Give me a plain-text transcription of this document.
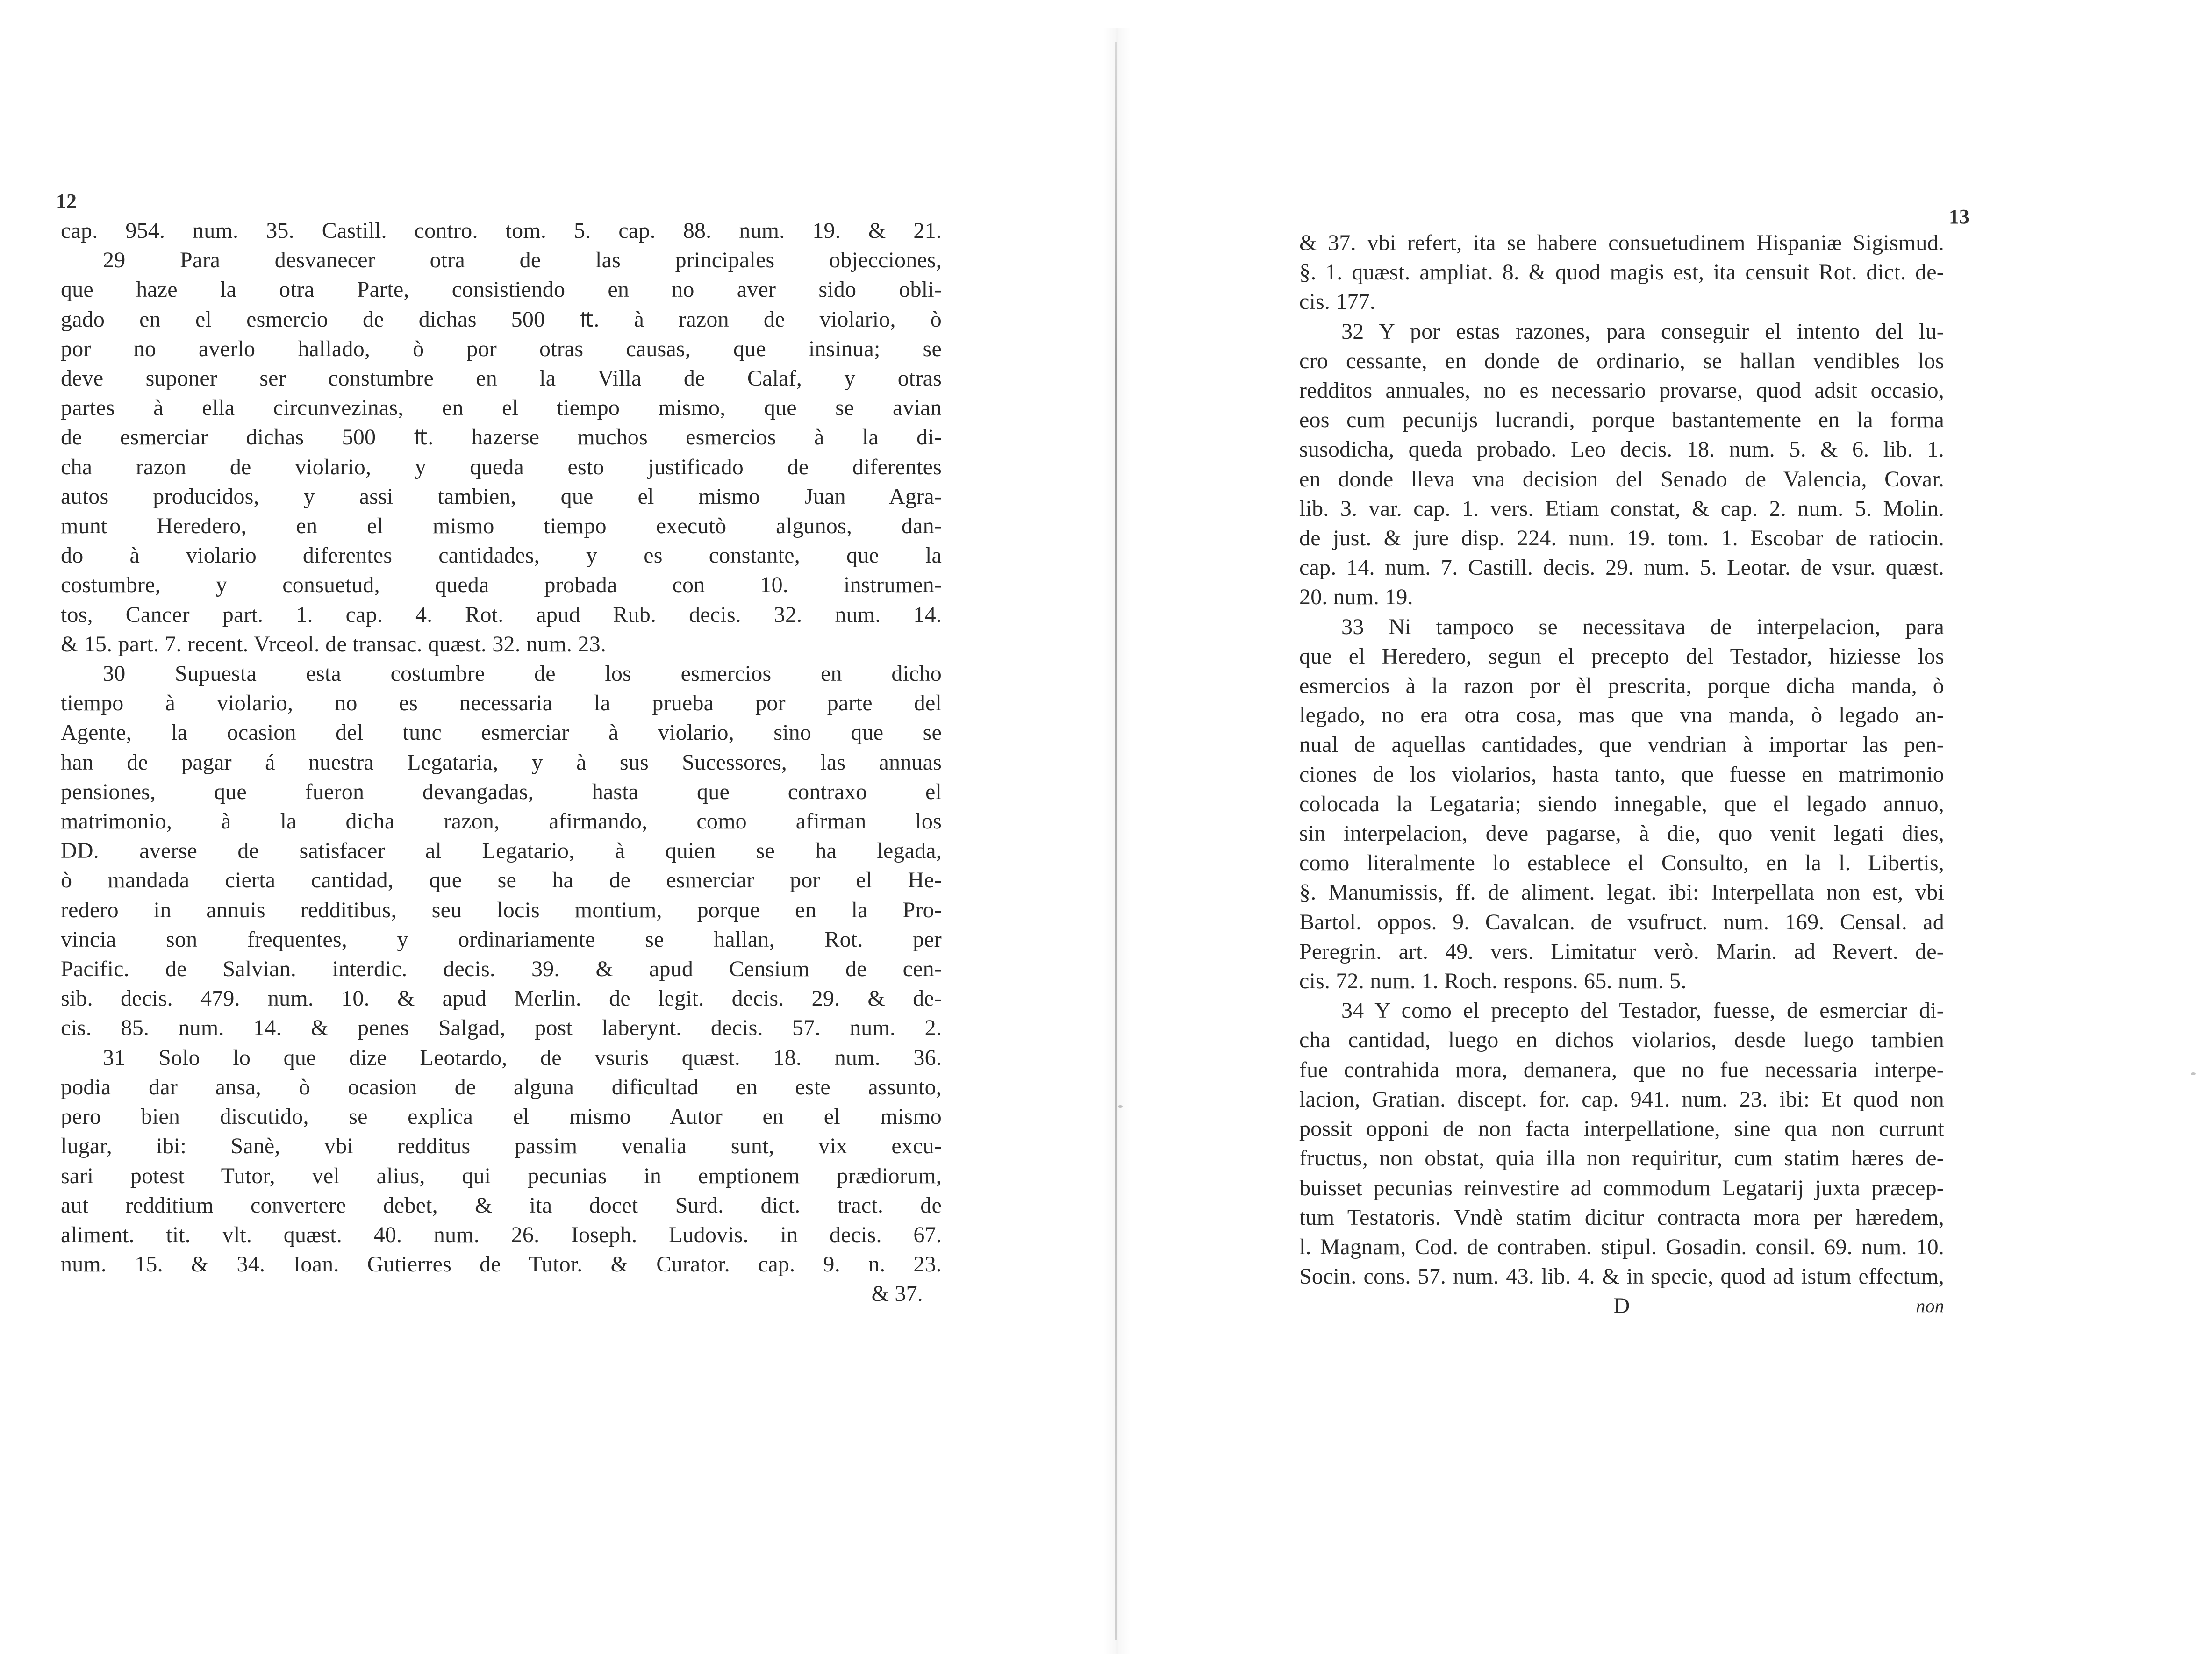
12
cap. 954. num. 35. Castill. contro. tom. 5. cap. 88. num. 19. & 21.
29 Para desvanecer otra de las principales objecciones,
que haze la otra Parte, consistiendo en no aver sido obli-
gado en el esmercio de dichas 500 ₶. à razon de violario, ò
por no averlo hallado, ò por otras causas, que insinua; se
deve suponer ser constumbre en la Villa de Calaf, y otras
partes à ella circunvezinas, en el tiempo mismo, que se avian
de esmerciar dichas 500 ₶. hazerse muchos esmercios à la di-
cha razon de violario, y queda esto justificado de diferentes
autos producidos, y assi tambien, que el mismo Juan Agra-
munt Heredero, en el mismo tiempo executò algunos, dan-
do à violario diferentes cantidades, y es constante, que la
costumbre, y consuetud, queda probada con 10. instrumen-
tos, Cancer part. 1. cap. 4. Rot. apud Rub. decis. 32. num. 14.
& 15. part. 7. recent. Vrceol. de transac. quæst. 32. num. 23.
30 Supuesta esta costumbre de los esmercios en dicho
tiempo à violario, no es necessaria la prueba por parte del
Agente, la ocasion del tunc esmerciar à violario, sino que se
han de pagar á nuestra Legataria, y à sus Sucessores, las annuas
pensiones, que fueron devangadas, hasta que contraxo el
matrimonio, à la dicha razon, afirmando, como afirman los
DD. averse de satisfacer al Legatario, à quien se ha legada,
ò mandada cierta cantidad, que se ha de esmerciar por el He-
redero in annuis redditibus, seu locis montium, porque en la Pro-
vincia son frequentes, y ordinariamente se hallan, Rot. per
Pacific. de Salvian. interdic. decis. 39. & apud Censium de cen-
sib. decis. 479. num. 10. & apud Merlin. de legit. decis. 29. & de-
cis. 85. num. 14. & penes Salgad, post laberynt. decis. 57. num. 2.
31 Solo lo que dize Leotardo, de vsuris quæst. 18. num. 36.
podia dar ansa, ò ocasion de alguna dificultad en este assunto,
pero bien discutido, se explica el mismo Autor en el mismo
lugar, ibi: Sanè, vbi redditus passim venalia sunt, vix excu-
sari potest Tutor, vel alius, qui pecunias in emptionem prædiorum,
aut redditium convertere debet, & ita docet Surd. dict. tract. de
aliment. tit. vlt. quæst. 40. num. 26. Ioseph. Ludovis. in decis. 67.
num. 15. & 34. Ioan. Gutierres de Tutor. & Curator. cap. 9. n. 23.
& 37.
13
& 37. vbi refert, ita se habere consuetudinem Hispaniæ Sigismud.
§. 1. quæst. ampliat. 8. & quod magis est, ita censuit Rot. dict. de-
cis. 177.
32 Y por estas razones, para conseguir el intento del lu-
cro cessante, en donde de ordinario, se hallan vendibles los
redditos annuales, no es necessario provarse, quod adsit occasio,
eos cum pecunijs lucrandi, porque bastantemente en la forma
susodicha, queda probado. Leo decis. 18. num. 5. & 6. lib. 1.
en donde lleva vna decision del Senado de Valencia, Covar.
lib. 3. var. cap. 1. vers. Etiam constat, & cap. 2. num. 5. Molin.
de just. & jure disp. 224. num. 19. tom. 1. Escobar de ratiocin.
cap. 14. num. 7. Castill. decis. 29. num. 5. Leotar. de vsur. quæst.
20. num. 19.
33 Ni tampoco se necessitava de interpelacion, para
que el Heredero, segun el precepto del Testador, hiziesse los
esmercios à la razon por èl prescrita, porque dicha manda, ò
legado, no era otra cosa, mas que vna manda, ò legado an-
nual de aquellas cantidades, que vendrian à importar las pen-
ciones de los violarios, hasta tanto, que fuesse en matrimonio
colocada la Legataria; siendo innegable, que el legado annuo,
sin interpelacion, deve pagarse, à die, quo venit legati dies,
como literalmente lo establece el Consulto, en la l. Libertis,
§. Manumissis, ff. de aliment. legat. ibi: Interpellata non est, vbi
Bartol. oppos. 9. Cavalcan. de vsufruct. num. 169. Censal. ad
Peregrin. art. 49. vers. Limitatur verò. Marin. ad Revert. de-
cis. 72. num. 1. Roch. respons. 65. num. 5.
34 Y como el precepto del Testador, fuesse, de esmerciar di-
cha cantidad, luego en dichos violarios, desde luego tambien
fue contrahida mora, demanera, que no fue necessaria interpe-
lacion, Gratian. discept. for. cap. 941. num. 23. ibi: Et quod non
possit opponi de non facta interpellatione, sine qua non currunt
fructus, non obstat, quia illa non requiritur, cum statim hæres de-
buisset pecunias reinvestire ad commodum Legatarij juxta præcep-
tum Testatoris. Vndè statim dicitur contracta mora per hæredem,
l. Magnam, Cod. de contraben. stipul. Gosadin. consil. 69. num. 10.
Socin. cons. 57. num. 43. lib. 4. & in specie, quod ad istum effectum,
D	non
